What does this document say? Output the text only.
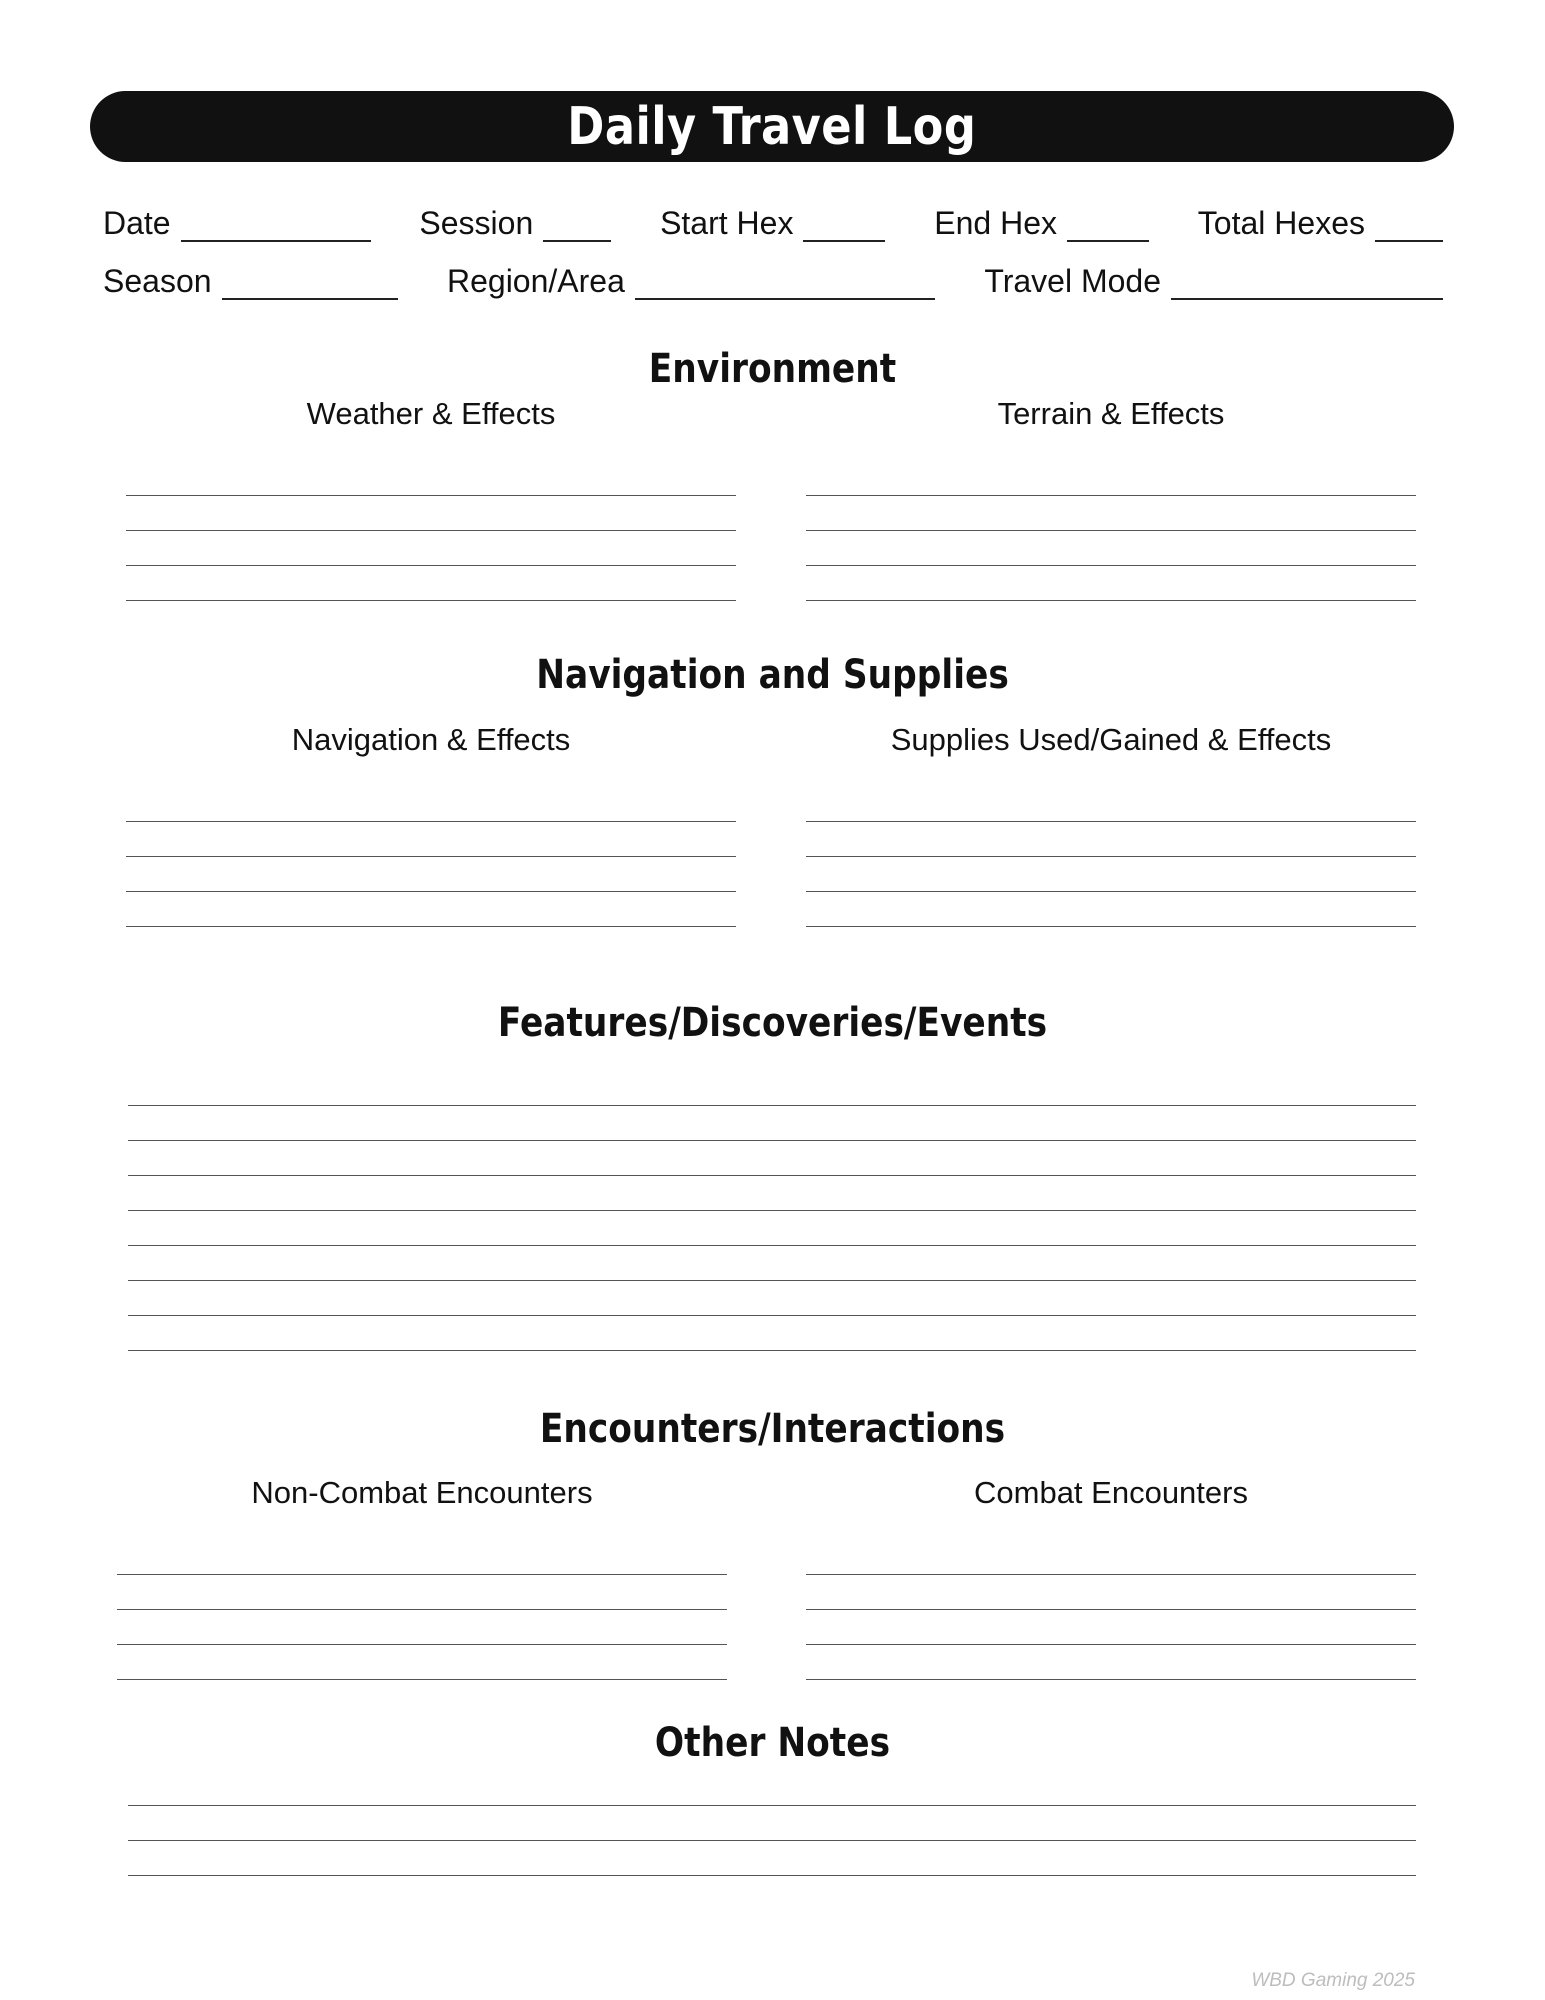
Daily Travel Log
Date	Session	Start Hex	End Hex	Total Hexes
Season	Region/Area	Travel Mode
Environment
Weather & Effects	Terrain & Effects
Navigation and Supplies
Navigation & Effects	Supplies Used/Gained & Effects
Features/Discoveries/Events
Encounters/Interactions
Non-Combat Encounters	Combat Encounters
Other Notes
WBD Gaming 2025
